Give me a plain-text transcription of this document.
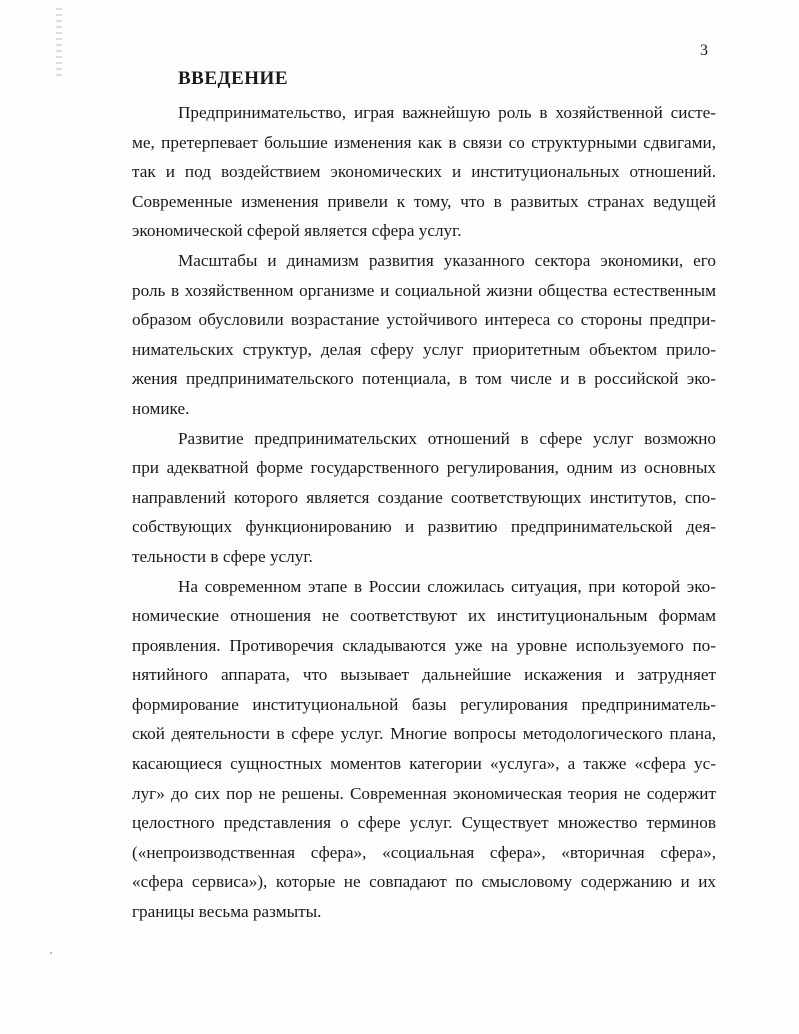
3
ВВЕДЕНИЕ

Предпринимательство, играя важнейшую роль в хозяйственной систе-
ме, претерпевает большие изменения как в связи со структурными сдвигами,
так и под воздействием экономических и институциональных отношений.
Современные изменения привели к тому, что в развитых странах ведущей
экономической сферой является сфера услуг.

Масштабы и динамизм развития указанного сектора экономики, его
роль в хозяйственном организме и социальной жизни общества естественным
образом обусловили возрастание устойчивого интереса со стороны предпри-
нимательских структур, делая сферу услуг приоритетным объектом прило-
жения предпринимательского потенциала, в том числе и в российской эко-
номике.

Развитие предпринимательских отношений в сфере услуг возможно
при адекватной форме государственного регулирования, одним из основных
направлений которого является создание соответствующих институтов, спо-
собствующих функционированию и развитию предпринимательской дея-
тельности в сфере услуг.

На современном этапе в России сложилась ситуация, при которой эко-
номические отношения не соответствуют их институциональным формам
проявления. Противоречия складываются уже на уровне используемого по-
нятийного аппарата, что вызывает дальнейшие искажения и затрудняет
формирование институциональной базы регулирования предприниматель-
ской деятельности в сфере услуг. Многие вопросы методологического плана,
касающиеся сущностных моментов категории «услуга», а также «сфера ус-
луг» до сих пор не решены. Современная экономическая теория не содержит
целостного представления о сфере услуг. Существует множество терминов
(«непроизводственная сфера», «социальная сфера», «вторичная сфера»,
«сфера сервиса»), которые не совпадают по смысловому содержанию и их
границы весьма размыты.
